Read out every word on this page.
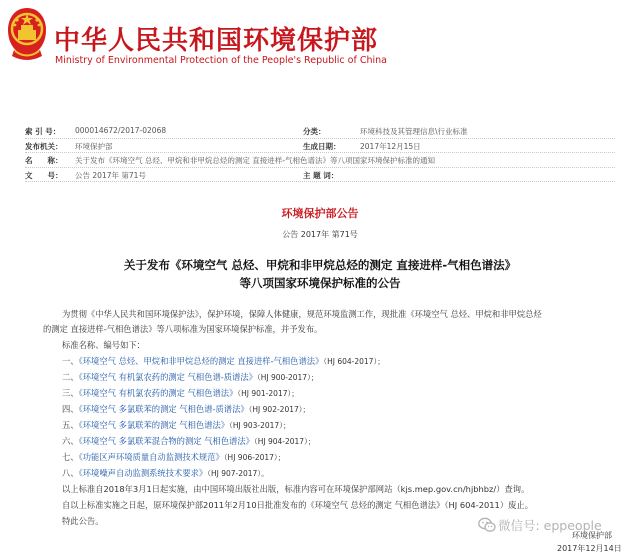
中华人民共和国环境保护部
Ministry of Environmental Protection of the People's Republic of China
索 引 号： 000014672/2017-02068	分类：	环境科技及其管理信息\行业标准
发布机关： 环境保护部	生成日期：	2017年12月15日
名　　称： 关于发布《环境空气 总烃、甲烷和非甲烷总烃的测定 直接进样-气相色谱法》等八项国家环境保护标准的通知
文　　号： 公告 2017年 第71号	主 题 词：
环境保护部公告
公告 2017年 第71号
关于发布《环境空气 总烃、甲烷和非甲烷总烃的测定 直接进样-气相色谱法》
等八项国家环境保护标准的公告
为贯彻《中华人民共和国环境保护法》，保护环境，保障人体健康，规范环境监测工作，现批准《环境空气 总烃、甲烷和非甲烷总烃
的测定 直接进样-气相色谱法》等八项标准为国家环境保护标准，并予发布。
标准名称、编号如下：
一、《环境空气 总烃、甲烷和非甲烷总烃的测定 直接进样-气相色谱法》（HJ 604-2017）；
二、《环境空气 有机氯农药的测定 气相色谱-质谱法》（HJ 900-2017）；
三、《环境空气 有机氯农药的测定 气相色谱法》（HJ 901-2017）；
四、《环境空气 多氯联苯的测定 气相色谱-质谱法》（HJ 902-2017）；
五、《环境空气 多氯联苯的测定 气相色谱法》（HJ 903-2017）；
六、《环境空气 多氯联苯混合物的测定 气相色谱法》（HJ 904-2017）；
七、《功能区声环境质量自动监测技术规范》（HJ 906-2017）；
八、《环境噪声自动监测系统技术要求》（HJ 907-2017）。
以上标准自2018年3月1日起实施，由中国环境出版社出版，标准内容可在环境保护部网站（kjs.mep.gov.cn/hjbhbz/）查询。
自以上标准实施之日起，原环境保护部2011年2月10日批准发布的《环境空气 总烃的测定 气相色谱法》（HJ 604-2011）废止。
特此公告。	微信号: eppeople
环境保护部
2017年12月14日
